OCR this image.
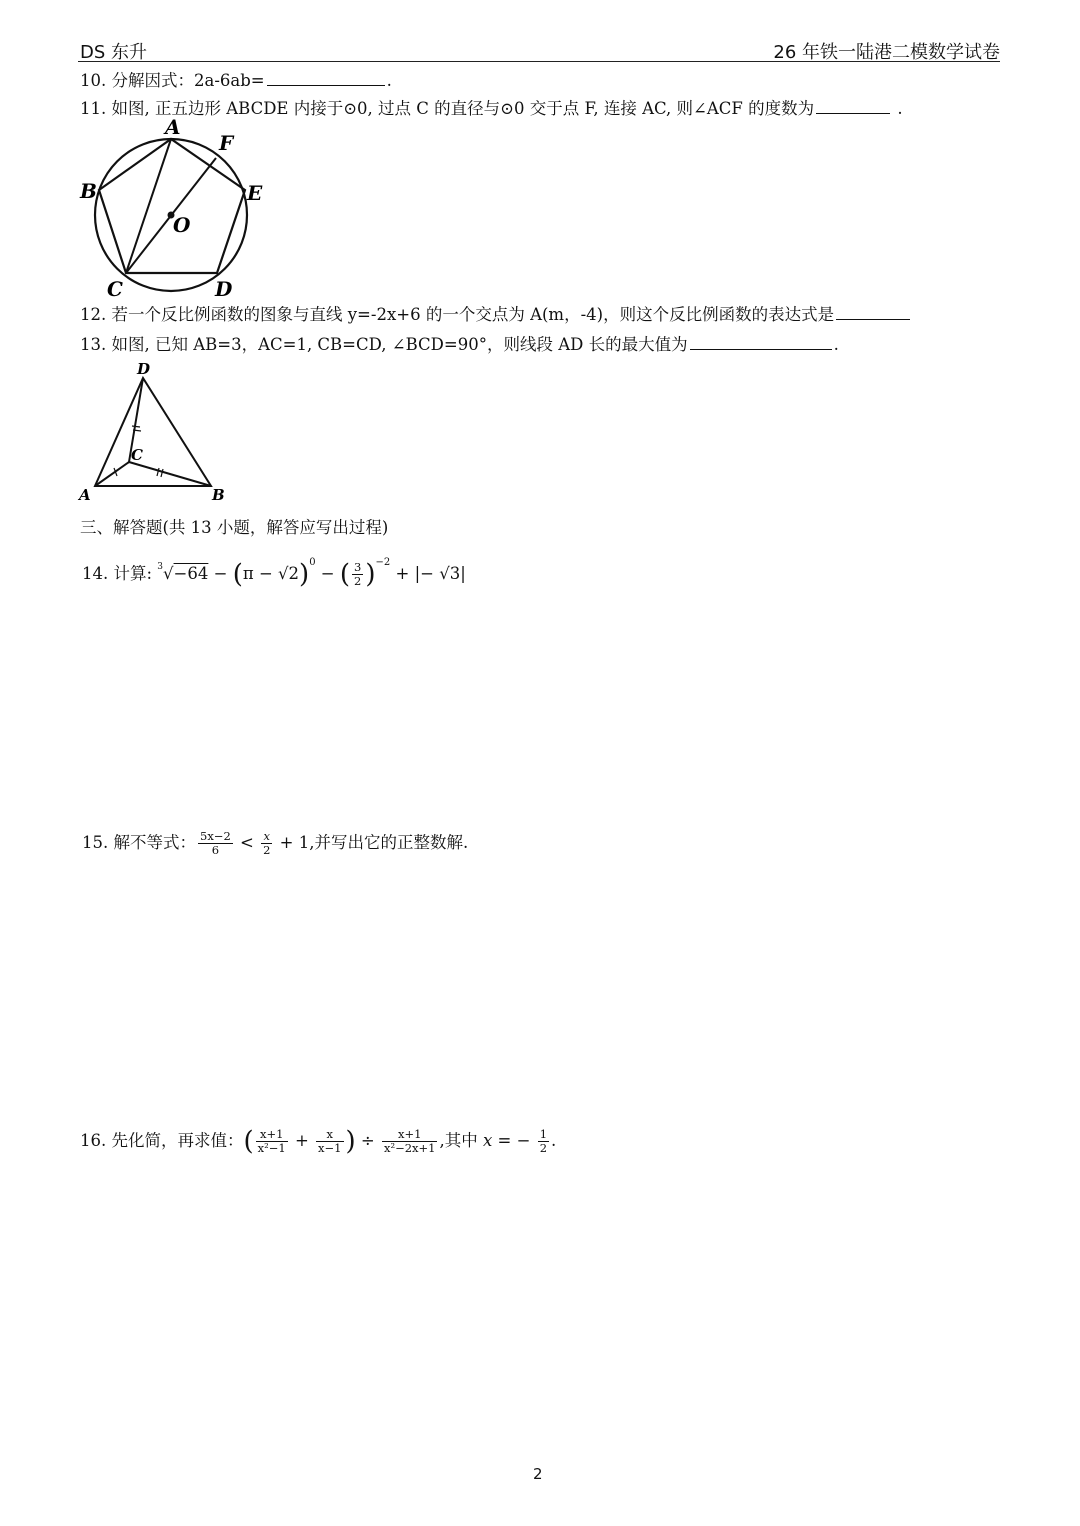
DS 东升	26 年铁一陆港二模数学试卷
10. 分解因式：2a-6ab=	.
11. 如图, 正五边形 ABCDE 内接于⊙0, 过点 C 的直径与⊙0 交于点 F, 连接 AC, 则∠ACF 的度数为	.
A
B
C	D
E
F
O
12. 若一个反比例函数的图象与直线 y=-2x+6 的一个交点为 A(m，-4)，则这个反比例函数的表达式是
13. 如图, 已知 AB=3，AC=1, CB=CD, ∠BCD=90°，则线段 AD 长的最大值为	.
D
A	B
C
三、解答题(共 13 小题，解答应写出过程)
14. 计算: $^3√-64 - (\pi - √2)^0$ − ( $\frac{3}{2} )^{-2}$ + |− √3|
15. 解不等式： $\frac{5x-2}{6} < \frac{x}{2} + 1$,并写出它的正整数解.
16. 先化简，再求值：( $\frac{x+1}{\text{x²−1}} + \frac{x}{x-1}$ ) ÷ $\frac{x+1}{\text{x²−2x+1}}$ ,其中 x = − $\frac{1}{2}$ .
2
